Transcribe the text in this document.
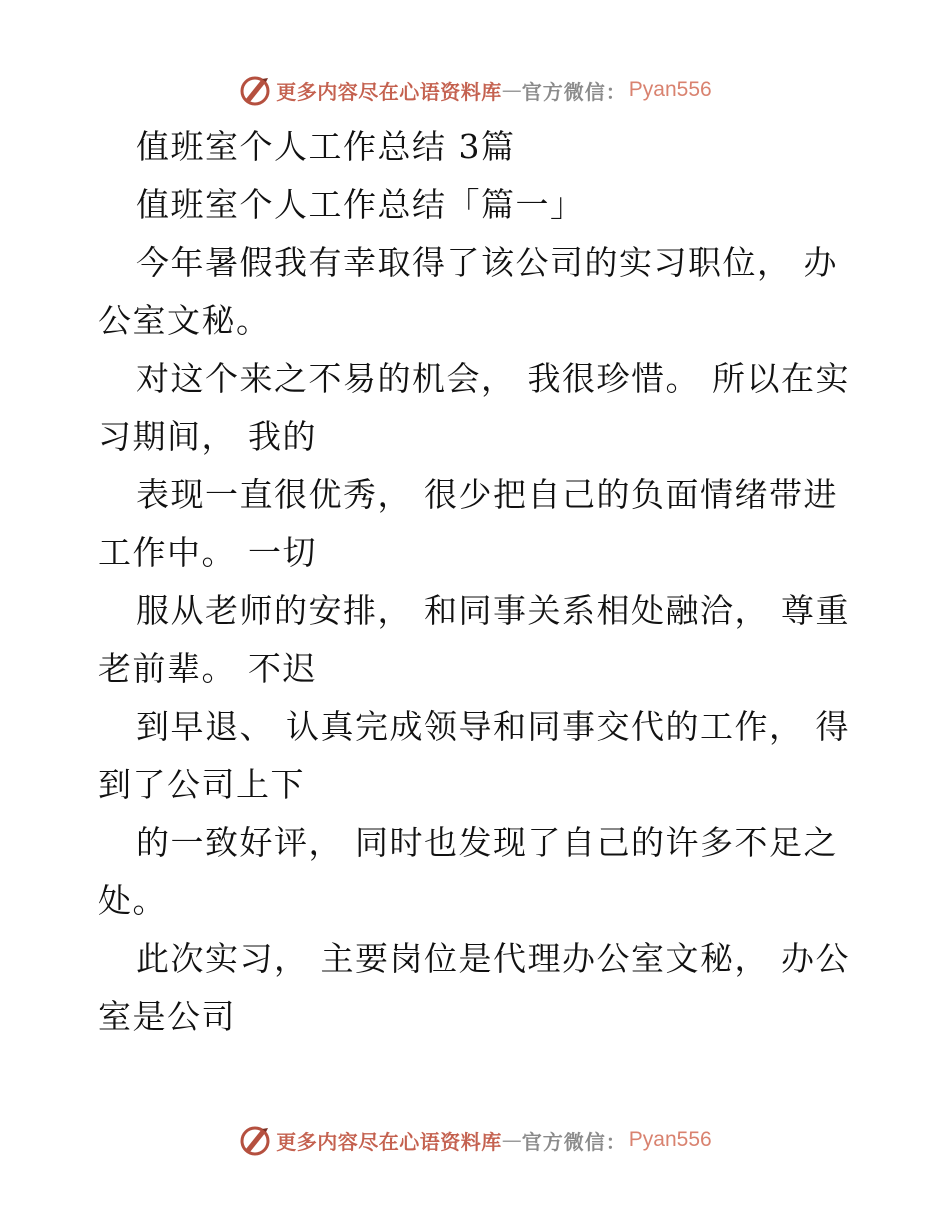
更多内容尽在心语资料库 — 官方微信： Pyan556
值班室个人工作总结 3篇
值班室个人工作总结「篇一」
今年暑假我有幸取得了该公司的实习职位， 办
公室文秘。
对这个来之不易的机会， 我很珍惜。 所以在实
习期间， 我的
表现一直很优秀， 很少把自己的负面情绪带进
工作中。 一切
服从老师的安排， 和同事关系相处融洽， 尊重
老前辈。 不迟
到早退、 认真完成领导和同事交代的工作， 得
到了公司上下
的一致好评， 同时也发现了自己的许多不足之
处。
此次实习， 主要岗位是代理办公室文秘， 办公
室是公司
更多内容尽在心语资料库 — 官方微信： Pyan556
